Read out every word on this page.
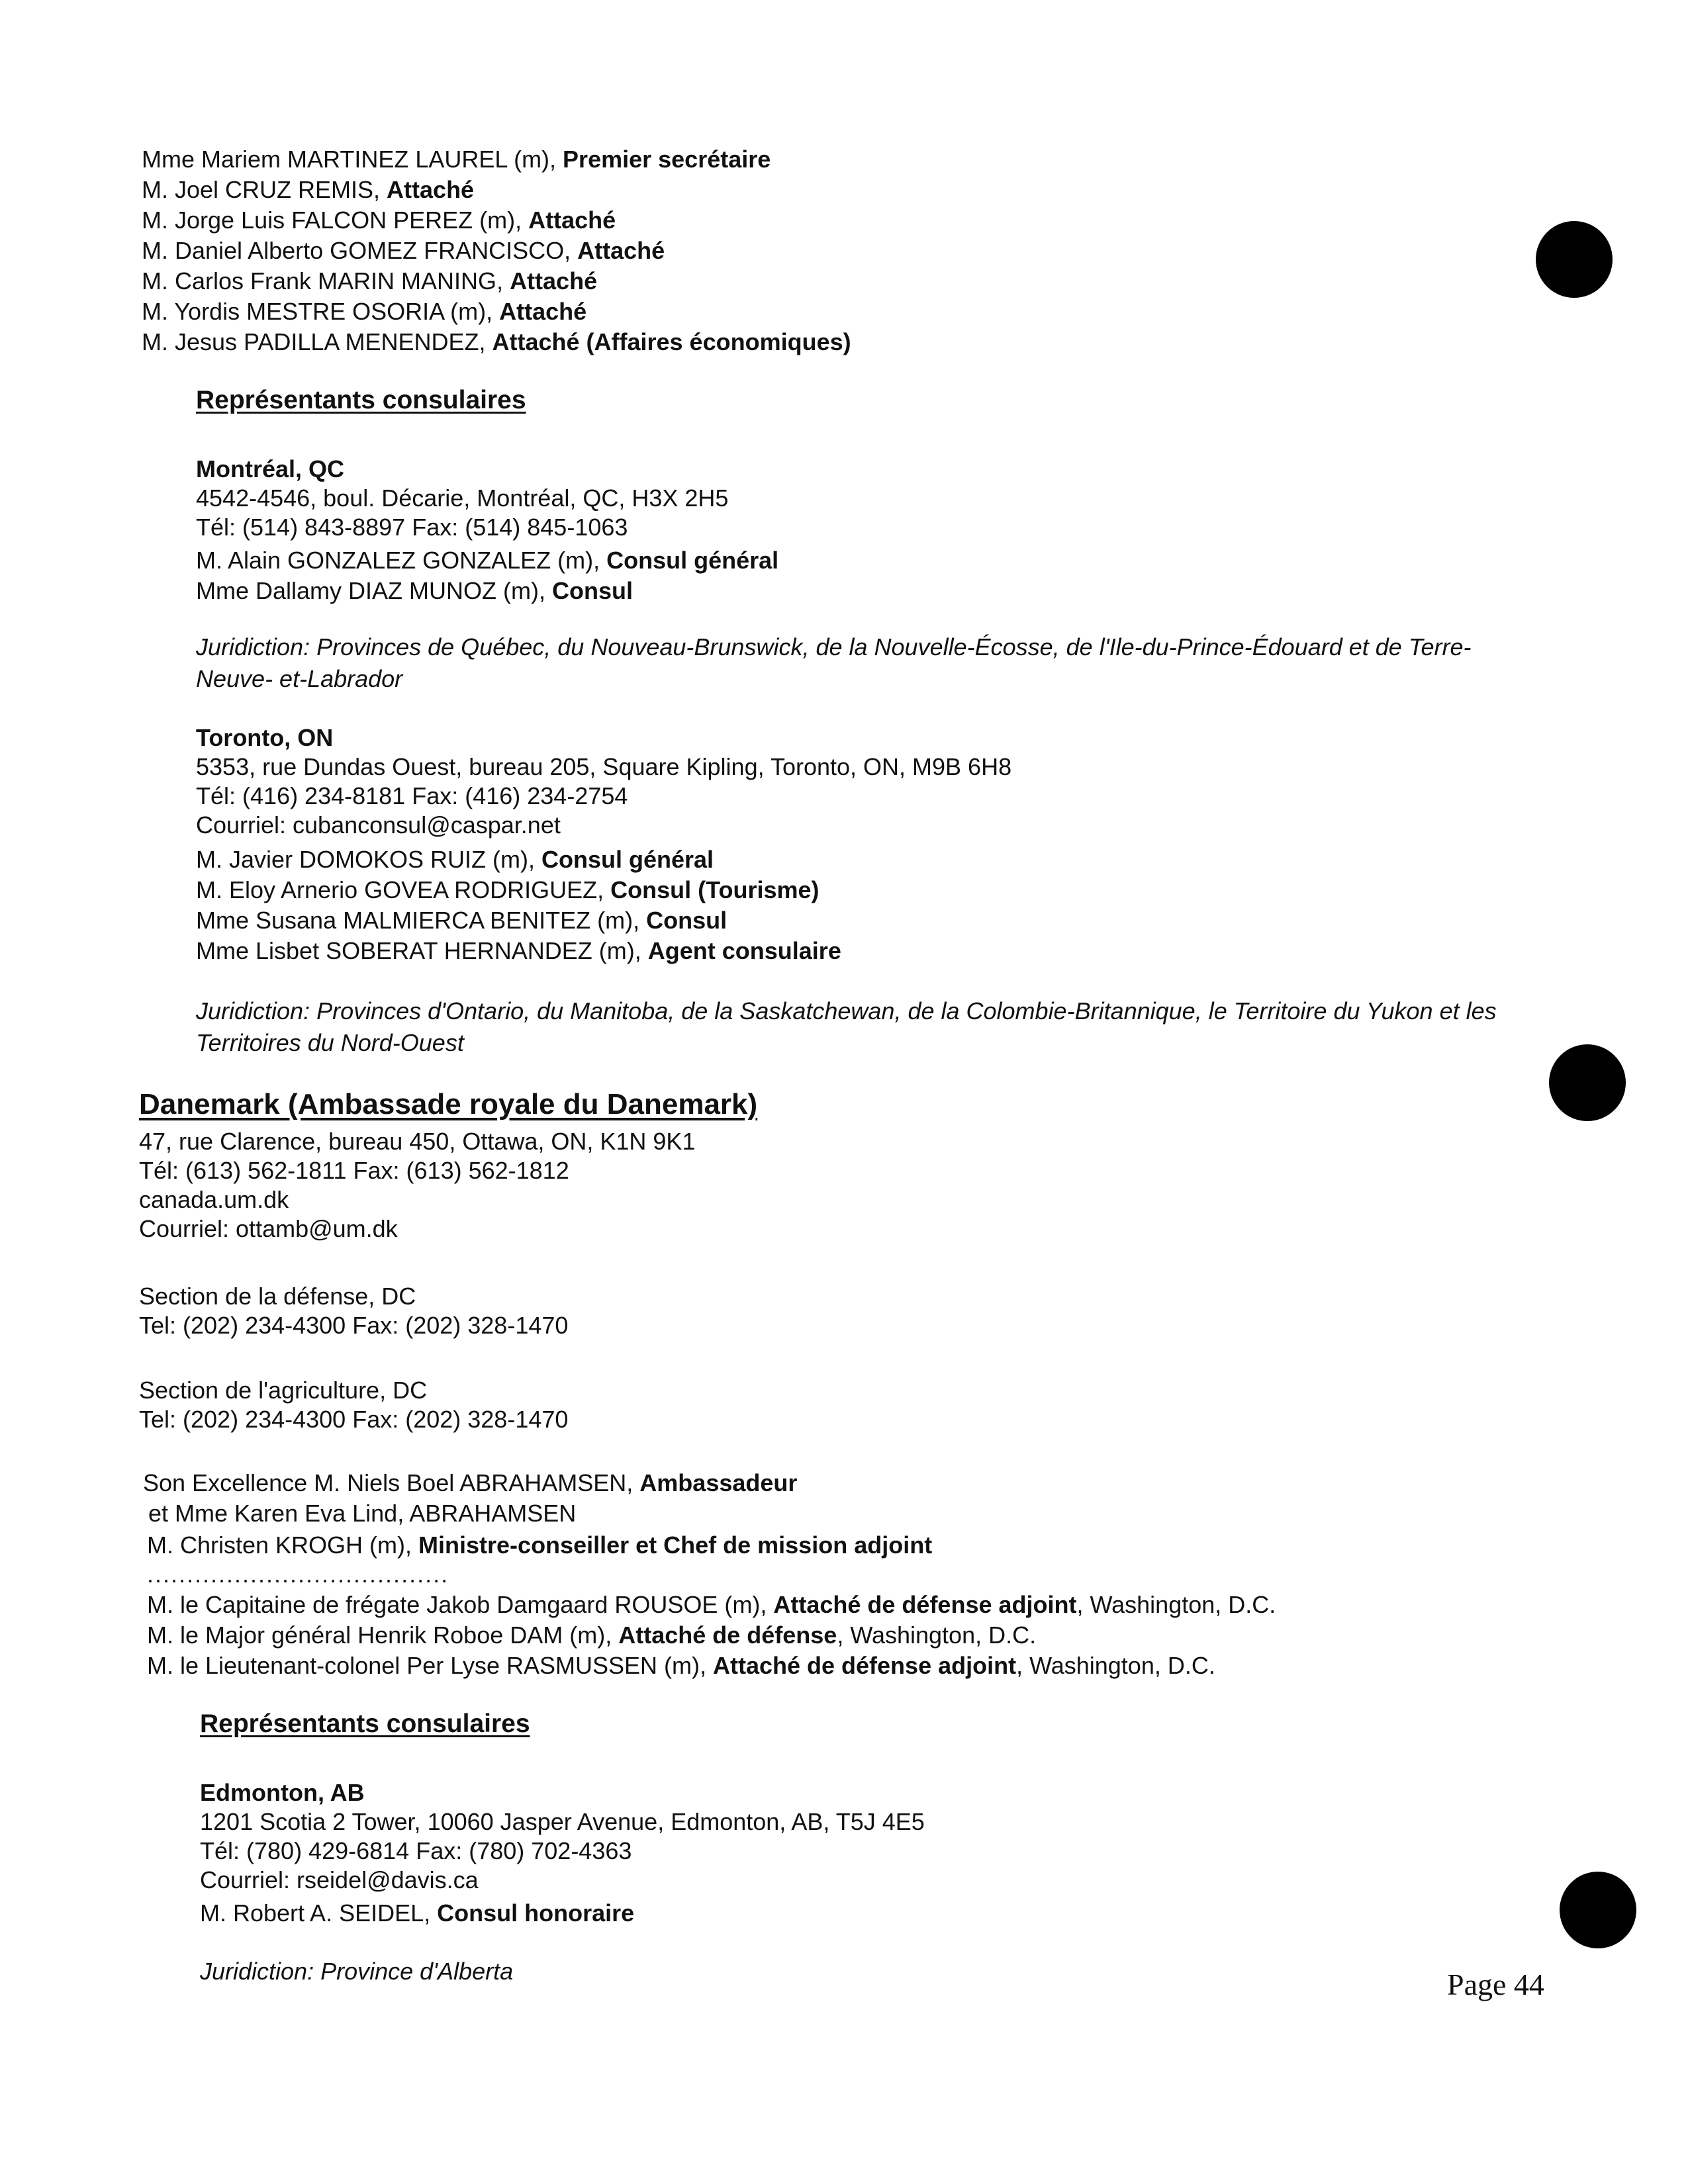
Mme Mariem MARTINEZ LAUREL (m), Premier secrétaire
M. Joel CRUZ REMIS, Attaché
M. Jorge Luis FALCON PEREZ (m), Attaché
M. Daniel Alberto GOMEZ FRANCISCO, Attaché
M. Carlos Frank MARIN MANING, Attaché
M. Yordis MESTRE OSORIA (m), Attaché
M. Jesus PADILLA MENENDEZ, Attaché (Affaires économiques)
Représentants consulaires
Montréal, QC
4542-4546, boul. Décarie, Montréal, QC, H3X 2H5
Tél: (514) 843-8897 Fax: (514) 845-1063
M. Alain GONZALEZ GONZALEZ (m), Consul général
Mme Dallamy DIAZ MUNOZ (m), Consul
Juridiction: Provinces de Québec, du Nouveau-Brunswick, de la Nouvelle-Écosse, de l'Ile-du-Prince-Édouard et de Terre-Neuve- et-Labrador
Toronto, ON
5353, rue Dundas Ouest, bureau 205, Square Kipling, Toronto, ON, M9B 6H8
Tél: (416) 234-8181 Fax: (416) 234-2754
Courriel: cubanconsul@caspar.net
M. Javier DOMOKOS RUIZ (m), Consul général
M. Eloy Arnerio GOVEA RODRIGUEZ, Consul (Tourisme)
Mme Susana MALMIERCA BENITEZ (m), Consul
Mme Lisbet SOBERAT HERNANDEZ (m), Agent consulaire
Juridiction: Provinces d'Ontario, du Manitoba, de la Saskatchewan, de la Colombie-Britannique, le Territoire du Yukon et les Territoires du Nord-Ouest
Danemark (Ambassade royale du Danemark)
47, rue Clarence, bureau 450, Ottawa, ON, K1N 9K1
Tél: (613) 562-1811 Fax: (613) 562-1812
canada.um.dk
Courriel: ottamb@um.dk
Section de la défense, DC
Tel: (202) 234-4300 Fax: (202) 328-1470
Section de l'agriculture, DC
Tel: (202) 234-4300 Fax: (202) 328-1470
Son Excellence M. Niels Boel ABRAHAMSEN, Ambassadeur
et Mme Karen Eva Lind, ABRAHAMSEN
M. Christen KROGH (m), Ministre-conseiller et Chef de mission adjoint
......................................
M. le Capitaine de frégate Jakob Damgaard ROUSOE (m), Attaché de défense adjoint, Washington, D.C.
M. le Major général Henrik Roboe DAM (m), Attaché de défense, Washington, D.C.
M. le Lieutenant-colonel Per Lyse RASMUSSEN (m), Attaché de défense adjoint, Washington, D.C.
Représentants consulaires
Edmonton, AB
1201 Scotia 2 Tower, 10060 Jasper Avenue, Edmonton, AB, T5J 4E5
Tél: (780) 429-6814 Fax: (780) 702-4363
Courriel: rseidel@davis.ca
M. Robert A. SEIDEL, Consul honoraire
Juridiction: Province d'Alberta	Page 44
